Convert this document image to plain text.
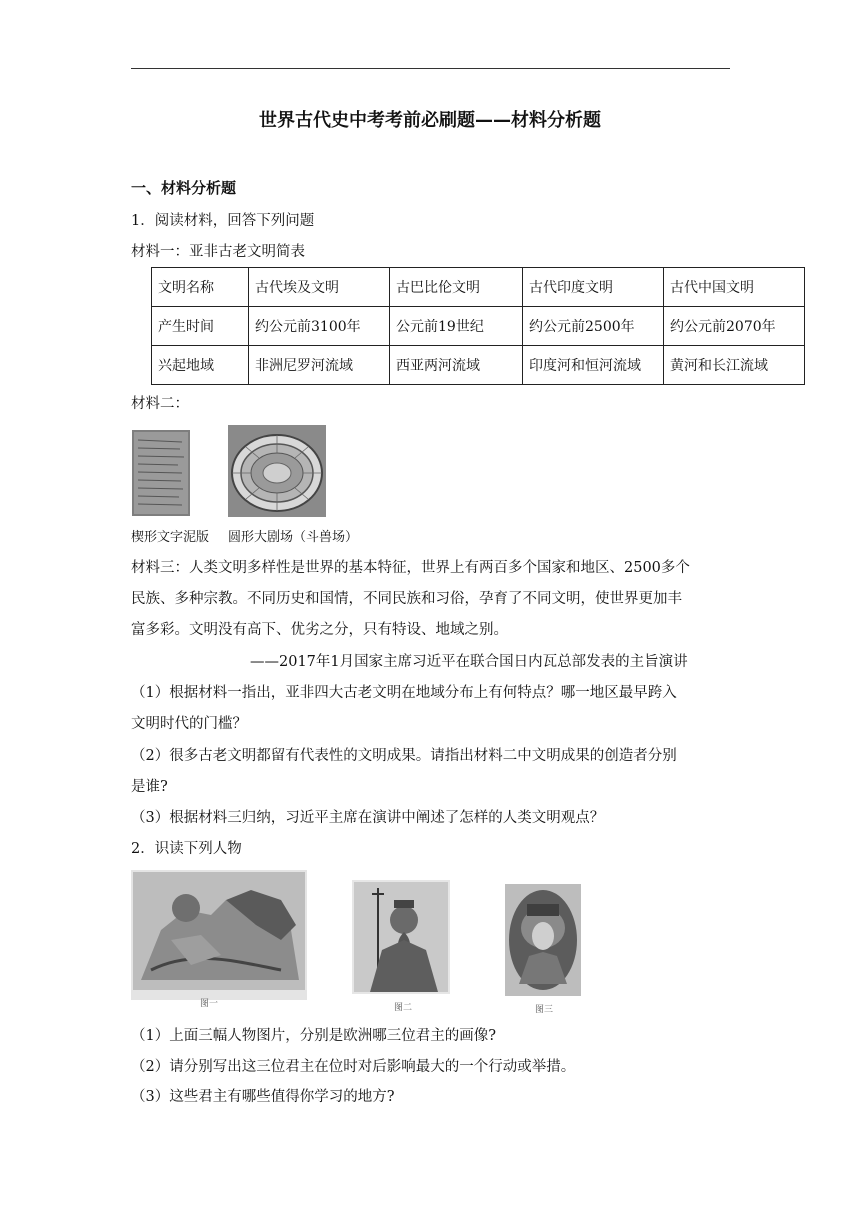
世界古代史中考考前必刷题——材料分析题
一、材料分析题
1．阅读材料，回答下列问题
材料一：亚非古老文明简表
文明名称	古代埃及文明	古巴比伦文明	古代印度文明	古代中国文明
产生时间	约公元前3100年	公元前19世纪	约公元前2500年	约公元前2070年
兴起地域	非洲尼罗河流域	西亚两河流域	印度河和恒河流域	黄河和长江流域
材料二：
楔形文字泥版 圆形大剧场（斗兽场）
材料三：人类文明多样性是世界的基本特征，世界上有两百多个国家和地区、2500多个
民族、多种宗教。不同历史和国情，不同民族和习俗，孕育了不同文明，使世界更加丰
富多彩。文明没有高下、优劣之分，只有特设、地域之别。
——2017年1月国家主席习近平在联合国日内瓦总部发表的主旨演讲
（1）根据材料一指出，亚非四大古老文明在地域分布上有何特点？哪一地区最早跨入
文明时代的门槛？
（2）很多古老文明都留有代表性的文明成果。请指出材料二中文明成果的创造者分别
是谁?
（3）根据材料三归纳，习近平主席在演讲中阐述了怎样的人类文明观点？
2．识读下列人物
图一	图二	图三
（1）上面三幅人物图片，分别是欧洲哪三位君主的画像?
（2）请分别写出这三位君主在位时对后影响最大的一个行动或举措。
（3）这些君主有哪些值得你学习的地方?
